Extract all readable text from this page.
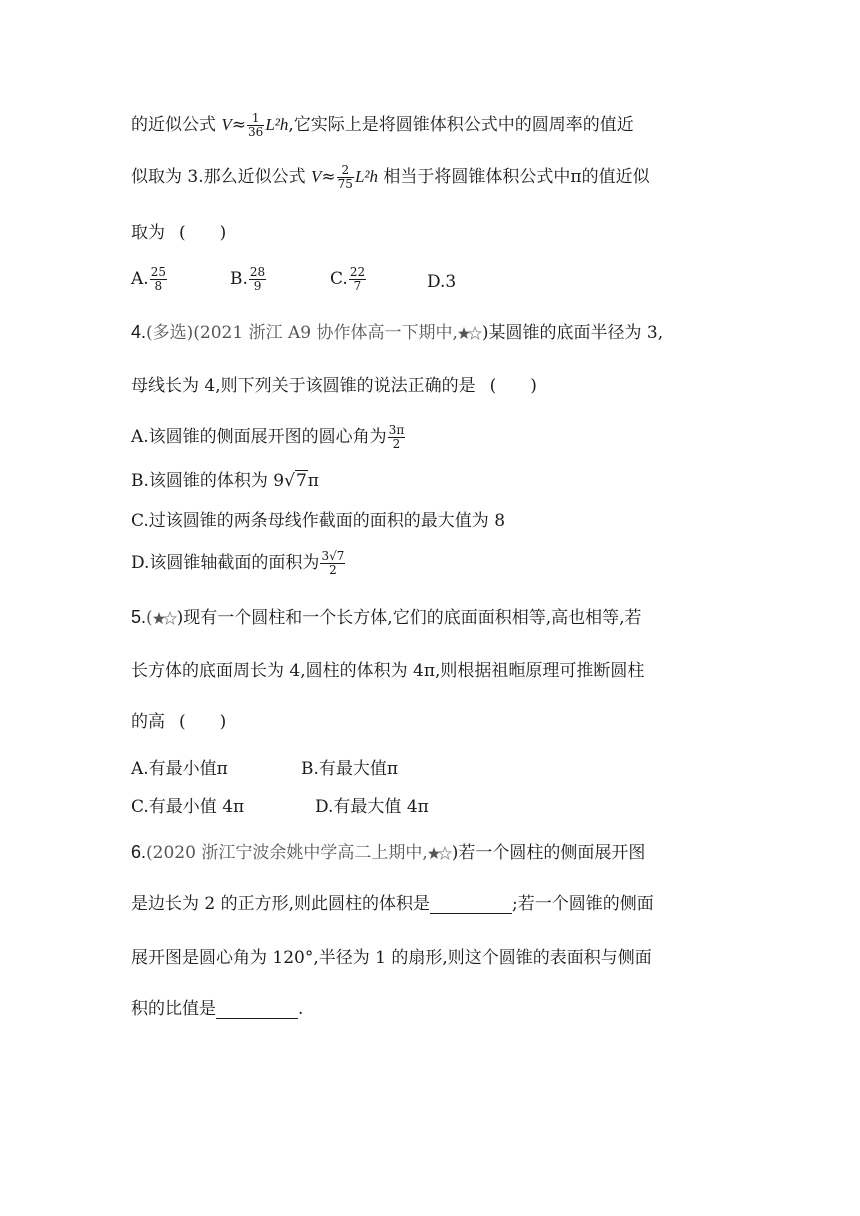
的近似公式 $V\approx \frac{1}{36} L^2h$,它实际上是将圆锥体积公式中的圆周率的值近
似取为 3.那么近似公式 $V\approx \frac{2}{75} L^2h$ 相当于将圆锥体积公式中π的值近似
取为 (　　)
A. $\frac{25}{8}$	B. $\frac{28}{9}$	C. $\frac{22}{7}$	D.3
4.(多选)(2021 浙江 A9 协作体高一下期中, )某圆锥的底面半径为 3,
母线长为 4,则下列关于该圆锥的说法正确的是 (　　)
A.该圆锥的侧面展开图的圆心角为 $\frac{3\pi}{2}$
B.该圆锥的体积为 9√7π
C.过该圆锥的两条母线作截面的面积的最大值为 8
D.该圆锥轴截面的面积为 $\frac{3√7}{2}$
5.( )现有一个圆柱和一个长方体,它们的底面面积相等,高也相等,若
长方体的底面周长为 4,圆柱的体积为 4π,则根据祖暅原理可推断圆柱
的高 (　　)
A.有最小值π	B.有最大值π
C.有最小值 4π	D.有最大值 4π
6.(2020 浙江宁波余姚中学高二上期中, )若一个圆柱的侧面展开图
是边长为 2 的正方形,则此圆柱的体积是	;若一个圆锥的侧面
展开图是圆心角为 120°,半径为 1 的扇形,则这个圆锥的表面积与侧面
积的比值是	.
